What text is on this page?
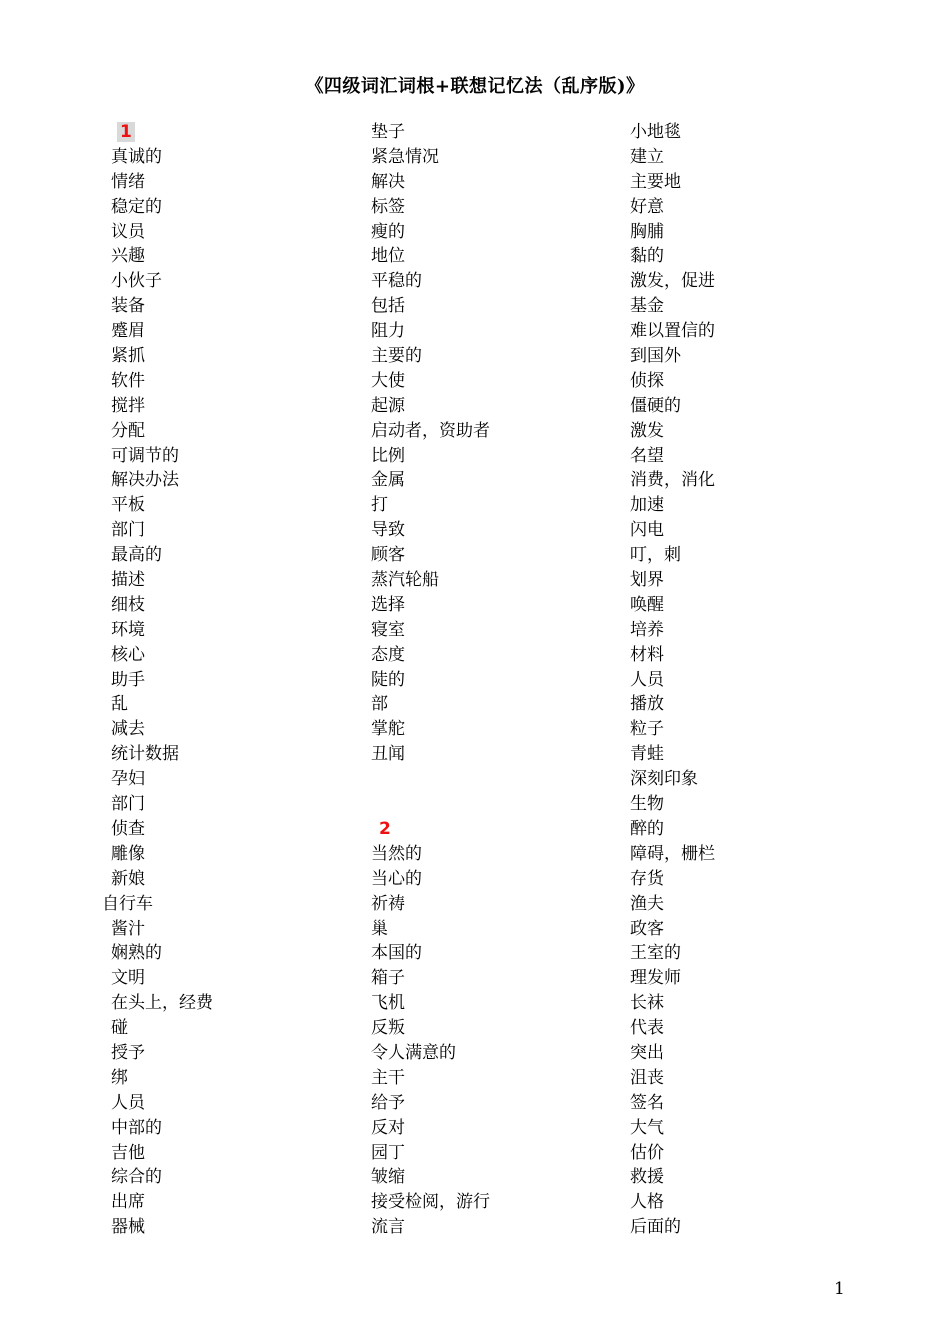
《四级词汇词根+联想记忆法（乱序版)》
1
真诚的
情绪
稳定的
议员
兴趣
小伙子
装备
蹙眉
紧抓
软件
搅拌
分配
可调节的
解决办法
平板
部门
最高的
描述
细枝
环境
核心
助手
乱
减去
统计数据
孕妇
部门
侦查
雕像
新娘
自行车
酱汁
娴熟的
文明
在头上，经费
碰
授予
绑
人员
中部的
吉他
综合的
出席
器械
垫子
紧急情况
解决
标签
瘦的
地位
平稳的
包括
阻力
主要的
大使
起源
启动者，资助者
比例
金属
打
导致
顾客
蒸汽轮船
选择
寝室
态度
陡的
部
掌舵
丑闻
2
当然的
当心的
祈祷
巢
本国的
箱子
飞机
反叛
令人满意的
主干
给予
反对
园丁
皱缩
接受检阅，游行
流言
小地毯
建立
主要地
好意
胸脯
黏的
激发，促进
基金
难以置信的
到国外
侦探
僵硬的
激发
名望
消费，消化
加速
闪电
叮，刺
划界
唤醒
培养
材料
人员
播放
粒子
青蛙
深刻印象
生物
醉的
障碍，栅栏
存货
渔夫
政客
王室的
理发师
长袜
代表
突出
沮丧
签名
大气
估价
救援
人格
后面的
1
